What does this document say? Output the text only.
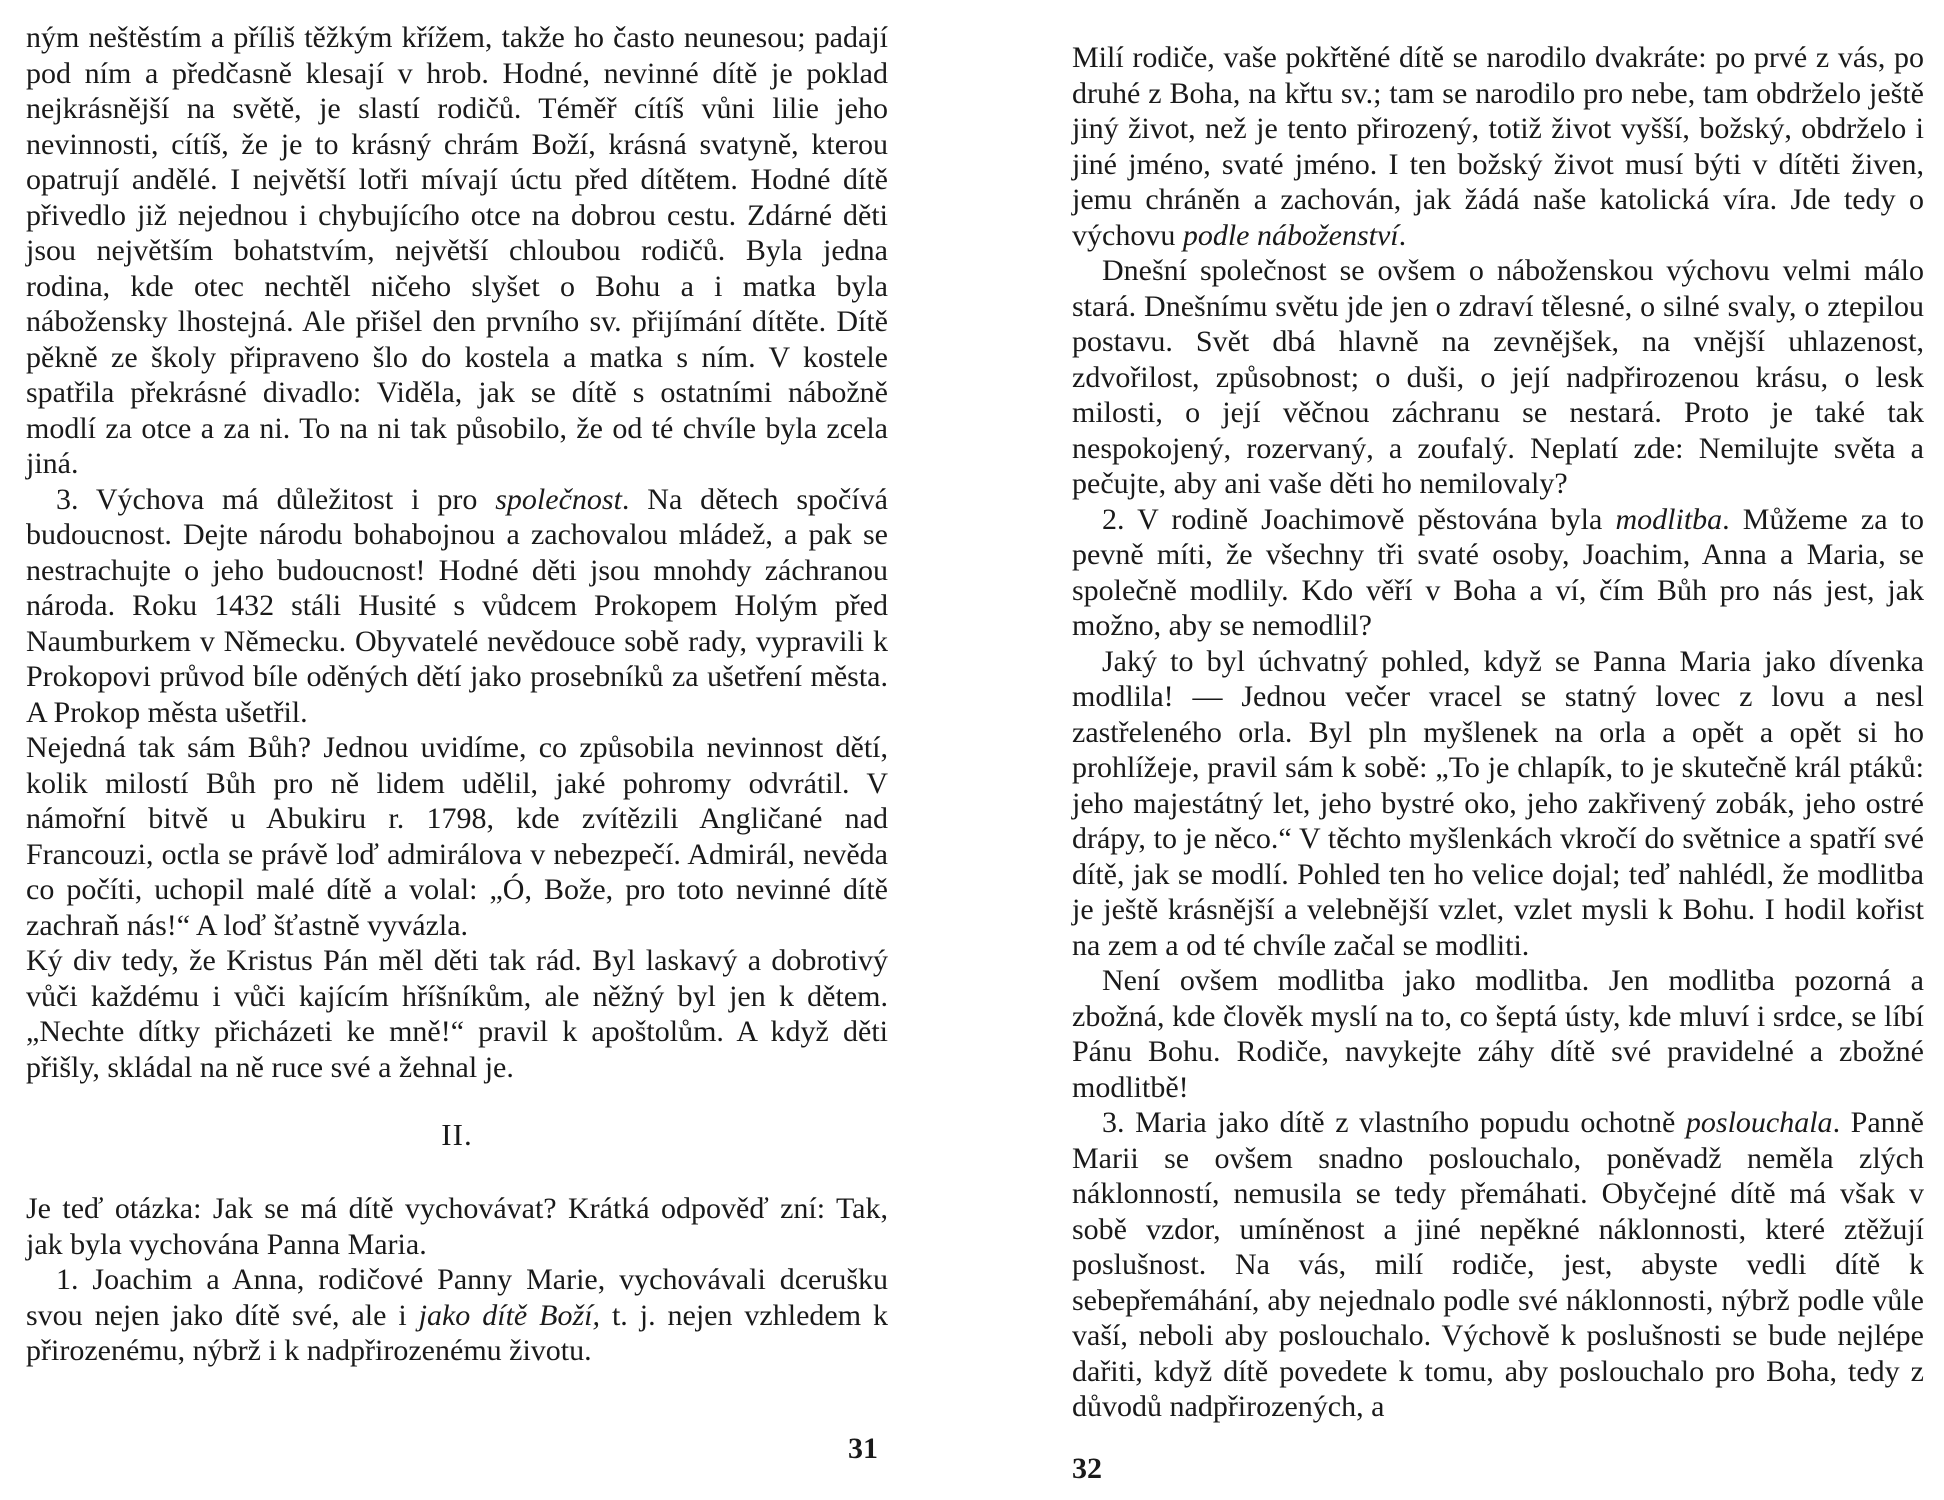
ným neštěstím a příliš těžkým křížem, takže ho často neunesou; padají pod ním a předčasně klesají v hrob. Hodné, nevinné dítě je poklad nejkrásnější na světě, je slastí rodičů. Téměř cítíš vůni lilie jeho nevinnosti, cítíš, že je to krásný chrám Boží, krásná svatyně, kterou opatrují andělé. I největší lotři mívají úctu před dítětem. Hodné dítě přivedlo již nejednou i chybujícího otce na dobrou cestu. Zdárné děti jsou největším bohatstvím, největší chloubou rodičů. Byla jedna rodina, kde otec nechtěl ničeho slyšet o Bohu a i matka byla nábožensky lhostejná. Ale přišel den prvního sv. přijímání dítěte. Dítě pěkně ze školy připraveno šlo do kostela a matka s ním. V kostele spatřila překrásné divadlo: Viděla, jak se dítě s ostatními nábožně modlí za otce a za ni. To na ni tak působilo, že od té chvíle byla zcela jiná.

3. Výchova má důležitost i pro společnost. Na dětech spočívá budoucnost. Dejte národu bohabojnou a zachovalou mládež, a pak se nestrachujte o jeho budoucnost! Hodné děti jsou mnohdy záchranou národa. Roku 1432 stáli Husité s vůdcem Prokopem Holým před Naumburkem v Německu. Obyvatelé nevědouce sobě rady, vypravili k Prokopovi průvod bíle oděných dětí jako prosebníků za ušetření města. A Prokop města ušetřil.

Nejedná tak sám Bůh? Jednou uvidíme, co způsobila nevinnost dětí, kolik milostí Bůh pro ně lidem udělil, jaké pohromy odvrátil. V námořní bitvě u Abukiru r. 1798, kde zvítězili Angličané nad Francouzi, octla se právě loď admirálova v nebezpečí. Admirál, nevěda co počíti, uchopil malé dítě a volal: „Ó, Bože, pro toto nevinné dítě zachraň nás!“ A loď šťastně vyvázla.

Ký div tedy, že Kristus Pán měl děti tak rád. Byl laskavý a dobrotivý vůči každému i vůči kajícím hříšníkům, ale něžný byl jen k dětem. „Nechte dítky přicházeti ke mně!“ pravil k apoštolům. A když děti přišly, skládal na ně ruce své a žehnal je.

II.

Je teď otázka: Jak se má dítě vychovávat? Krátká odpověď zní: Tak, jak byla vychována Panna Maria.

1. Joachim a Anna, rodičové Panny Marie, vychovávali dcerušku svou nejen jako dítě své, ale i jako dítě Boží, t. j. nejen vzhledem k přirozenému, nýbrž i k nadpřirozenému životu.

31

Milí rodiče, vaše pokřtěné dítě se narodilo dvakráte: po prvé z vás, po druhé z Boha, na křtu sv.; tam se narodilo pro nebe, tam obdrželo ještě jiný život, než je tento přirozený, totiž život vyšší, božský, obdrželo i jiné jméno, svaté jméno. I ten božský život musí býti v dítěti živen, jemu chráněn a zachován, jak žádá naše katolická víra. Jde tedy o výchovu podle náboženství.

Dnešní společnost se ovšem o náboženskou výchovu velmi málo stará. Dnešnímu světu jde jen o zdraví tělesné, o silné svaly, o ztepilou postavu. Svět dbá hlavně na zevnějšek, na vnější uhlazenost, zdvořilost, způsobnost; o duši, o její nadpřirozenou krásu, o lesk milosti, o její věčnou záchranu se nestará. Proto je také tak nespokojený, rozervaný, a zoufalý. Neplatí zde: Nemilujte světa a pečujte, aby ani vaše děti ho nemilovaly?

2. V rodině Joachimově pěstována byla modlitba. Můžeme za to pevně míti, že všechny tři svaté osoby, Joachim, Anna a Maria, se společně modlily. Kdo věří v Boha a ví, čím Bůh pro nás jest, jak možno, aby se nemodlil?

Jaký to byl úchvatný pohled, když se Panna Maria jako dívenka modlila! — Jednou večer vracel se statný lovec z lovu a nesl zastřeleného orla. Byl pln myšlenek na orla a opět a opět si ho prohlížeje, pravil sám k sobě: „To je chlapík, to je skutečně král ptáků: jeho majestátný let, jeho bystré oko, jeho zakřivený zobák, jeho ostré drápy, to je něco.“ V těchto myšlenkách vkročí do světnice a spatří své dítě, jak se modlí. Pohled ten ho velice dojal; teď nahlédl, že modlitba je ještě krásnější a velebnější vzlet, vzlet mysli k Bohu. I hodil kořist na zem a od té chvíle začal se modliti.

Není ovšem modlitba jako modlitba. Jen modlitba pozorná a zbožná, kde člověk myslí na to, co šeptá ústy, kde mluví i srdce, se líbí Pánu Bohu. Rodiče, navykejte záhy dítě své pravidelné a zbožné modlitbě!

3. Maria jako dítě z vlastního popudu ochotně poslouchala. Panně Marii se ovšem snadno poslouchalo, poněvadž neměla zlých náklonností, nemusila se tedy přemáhati. Obyčejné dítě má však v sobě vzdor, umíněnost a jiné nepěkné náklonnosti, které ztěžují poslušnost. Na vás, milí rodiče, jest, abyste vedli dítě k sebepřemáhání, aby nejednalo podle své náklonnosti, nýbrž podle vůle vaší, neboli aby poslouchalo. Výchově k poslušnosti se bude nejlépe dařiti, když dítě povedete k tomu, aby poslouchalo pro Boha, tedy z důvodů nadpřirozených, a

32
